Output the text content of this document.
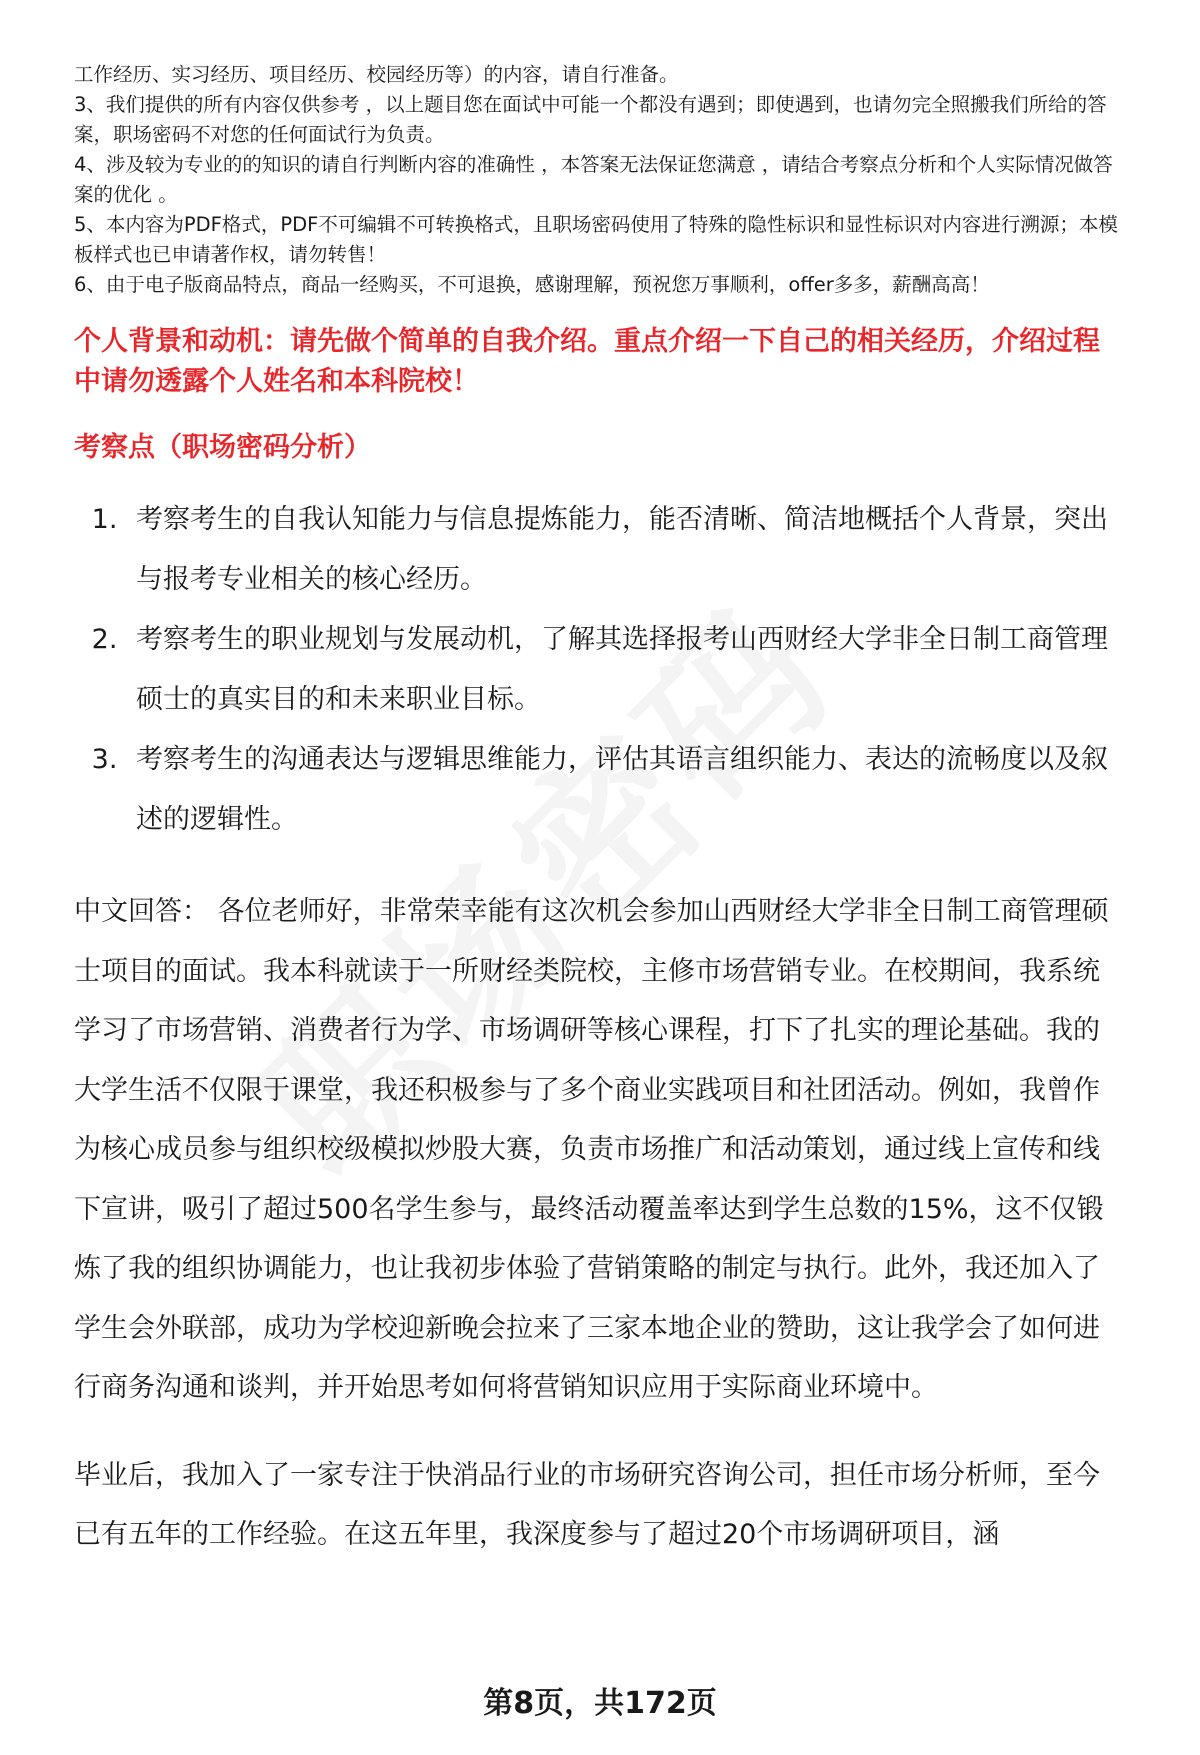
工作经历、实习经历、项目经历、校园经历等）的内容，请自行准备。

3、我们提供的所有内容仅供参考 ，以上题目您在面试中可能一个都没有遇到；即使遇到，也请勿完全照搬我们所给的答案，职场密码不对您的任何面试行为负责。

4、涉及较为专业的的知识的请自行判断内容的准确性 ，本答案无法保证您满意 ，请结合考察点分析和个人实际情况做答案的优化 。

5、本内容为PDF格式，PDF不可编辑不可转换格式，且职场密码使用了特殊的隐性标识和显性标识对内容进行溯源；本模板样式也已申请著作权，请勿转售！

6、由于电子版商品特点，商品一经购买，不可退换，感谢理解，预祝您万事顺利，offer多多，薪酬高高！

个人背景和动机：请先做个简单的自我介绍。重点介绍一下自己的相关经历，介绍过程中请勿透露个人姓名和本科院校！

考察点（职场密码分析）

1. 考察考生的自我认知能力与信息提炼能力，能否清晰、简洁地概括个人背景，突出与报考专业相关的核心经历。
2. 考察考生的职业规划与发展动机，了解其选择报考山西财经大学非全日制工商管理硕士的真实目的和未来职业目标。
3. 考察考生的沟通表达与逻辑思维能力，评估其语言组织能力、表达的流畅度以及叙述的逻辑性。

中文回答： 各位老师好，非常荣幸能有这次机会参加山西财经大学非全日制工商管理硕士项目的面试。我本科就读于一所财经类院校，主修市场营销专业。在校期间，我系统学习了市场营销、消费者行为学、市场调研等核心课程，打下了扎实的理论基础。我的大学生活不仅限于课堂，我还积极参与了多个商业实践项目和社团活动。例如，我曾作为核心成员参与组织校级模拟炒股大赛，负责市场推广和活动策划，通过线上宣传和线下宣讲，吸引了超过500名学生参与，最终活动覆盖率达到学生总数的15%，这不仅锻炼了我的组织协调能力，也让我初步体验了营销策略的制定与执行。此外，我还加入了学生会外联部，成功为学校迎新晚会拉来了三家本地企业的赞助，这让我学会了如何进行商务沟通和谈判，并开始思考如何将营销知识应用于实际商业环境中。

毕业后，我加入了一家专注于快消品行业的市场研究咨询公司，担任市场分析师，至今已有五年的工作经验。在这五年里，我深度参与了超过20个市场调研项目，涵

第8页，共172页
